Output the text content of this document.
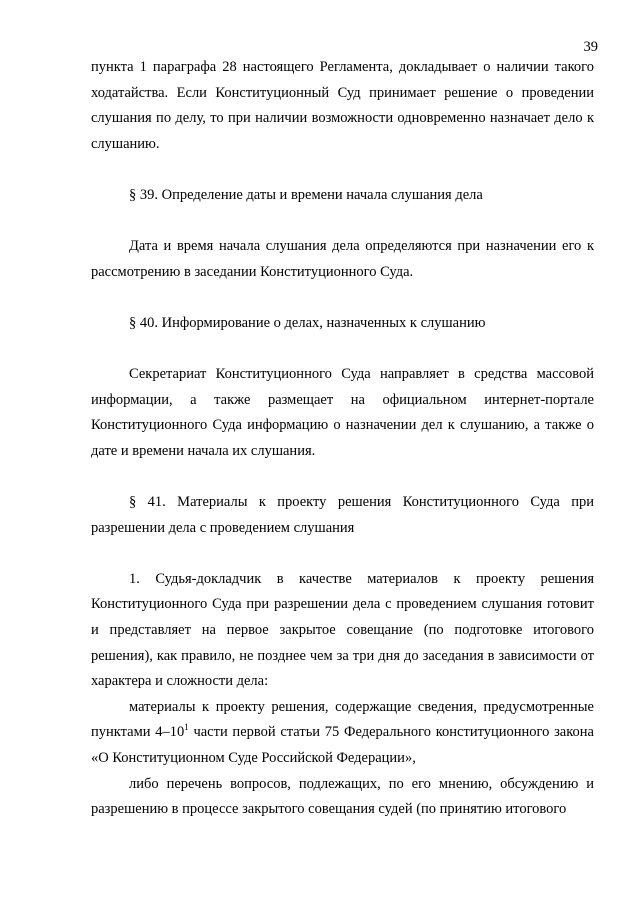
39

пункта 1 параграфа 28 настоящего Регламента, докладывает о наличии такого ходатайства. Если Конституционный Суд принимает решение о проведении слушания по делу, то при наличии возможности одновременно назначает дело к слушанию.

§ 39. Определение даты и времени начала слушания дела

Дата и время начала слушания дела определяются при назначении его к рассмотрению в заседании Конституционного Суда.

§ 40. Информирование о делах, назначенных к слушанию

Секретариат Конституционного Суда направляет в средства массовой информации, а также размещает на официальном интернет-портале Конституционного Суда информацию о назначении дел к слушанию, а также о дате и времени начала их слушания.

§ 41. Материалы к проекту решения Конституционного Суда при разрешении дела с проведением слушания

1. Судья-докладчик в качестве материалов к проекту решения Конституционного Суда при разрешении дела с проведением слушания готовит и представляет на первое закрытое совещание (по подготовке итогового решения), как правило, не позднее чем за три дня до заседания в зависимости от характера и сложности дела:

материалы к проекту решения, содержащие сведения, предусмотренные пунктами $4-10^1$ части первой статьи 75 Федерального конституционного закона «О Конституционном Суде Российской Федерации»,

либо перечень вопросов, подлежащих, по его мнению, обсуждению и разрешению в процессе закрытого совещания судей (по принятию итогового
